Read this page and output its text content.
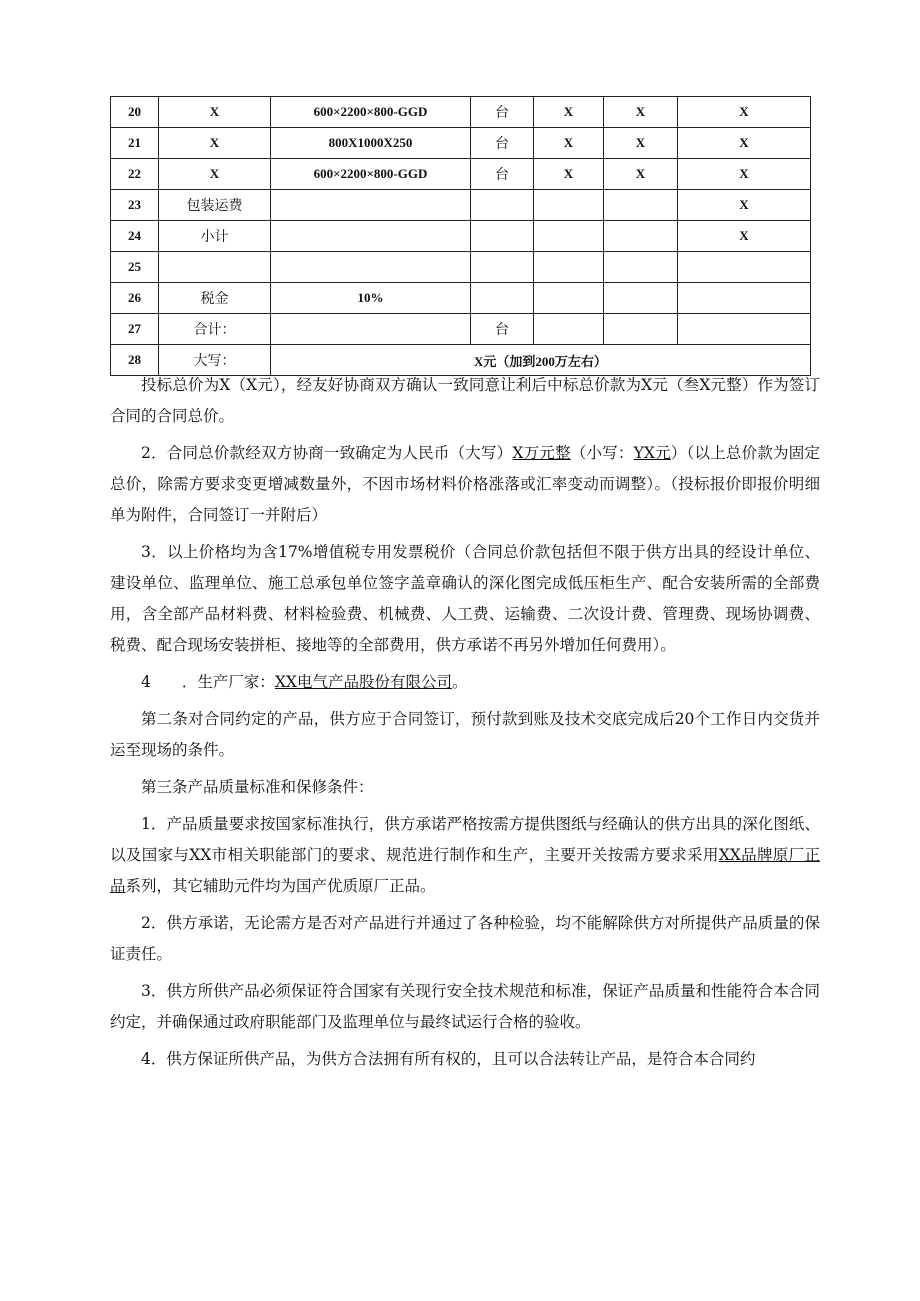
20	X	600×2200×800-GGD	台	X	X	X
21	X	800X1000X250	台	X	X	X
22	X	600×2200×800-GGD	台	X	X	X
23	包装运费					X
24	小计					X
25						
26	税金	10%				
27	合计：		台			
28	大写：	X元（加到200万左右）				

投标总价为X（X元），经友好协商双方确认一致同意让利后中标总价款为X元（叁X元整）作为签订合同的合同总价。

2．合同总价款经双方协商一致确定为人民币（大写）X万元整（小写：YX元）（以上总价款为固定总价，除需方要求变更增减数量外，不因市场材料价格涨落或汇率变动而调整）。（投标报价即报价明细单为附件，合同签订一并附后）

3．以上价格均为含17%增值税专用发票税价（合同总价款包括但不限于供方出具的经设计单位、建设单位、监理单位、施工总承包单位签字盖章确认的深化图完成低压柜生产、配合安装所需的全部费用，含全部产品材料费、材料检验费、机械费、人工费、运输费、二次设计费、管理费、现场协调费、税费、配合现场安装拼柜、接地等的全部费用，供方承诺不再另外增加任何费用）。

4　　．生产厂家：XX电气产品股份有限公司。

第二条对合同约定的产品，供方应于合同签订，预付款到账及技术交底完成后20个工作日内交货并运至现场的条件。

第三条产品质量标准和保修条件：

1．产品质量要求按国家标准执行，供方承诺严格按需方提供图纸与经确认的供方出具的深化图纸、以及国家与XX市相关职能部门的要求、规范进行制作和生产，主要开关按需方要求采用XX品牌原厂正品系列，其它辅助元件均为国产优质原厂正品。

2．供方承诺，无论需方是否对产品进行并通过了各种检验，均不能解除供方对所提供产品质量的保证责任。

3．供方所供产品必须保证符合国家有关现行安全技术规范和标准，保证产品质量和性能符合本合同约定，并确保通过政府职能部门及监理单位与最终试运行合格的验收。

4．供方保证所供产品，为供方合法拥有所有权的，且可以合法转让产品，是符合本合同约
